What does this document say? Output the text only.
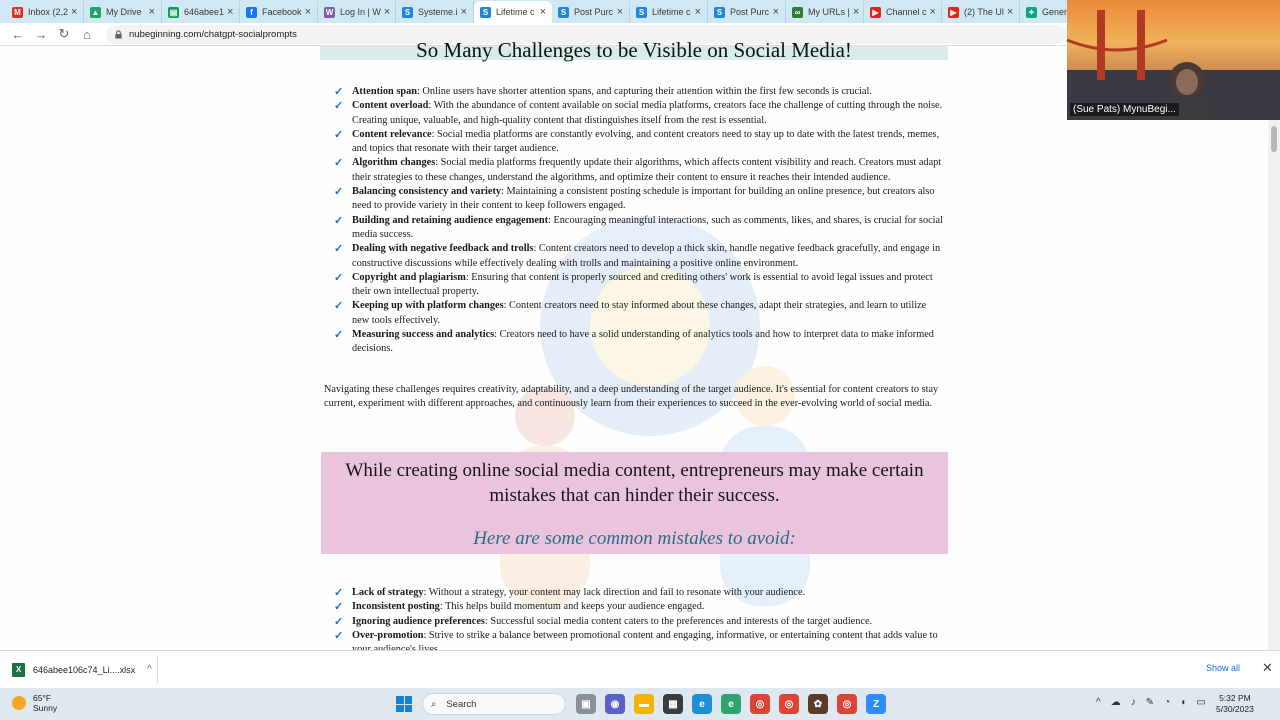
M Inbox (2,2 × ▲ My Drive × ▤ 646abee1 ×	f	Facebook × W Log In | W ×	S Systeme.i ×	S Lifetime c ×	S Post Purc ×	S Lifetime c ×	S Post Purc ×	∞ My URLs | ×	▶ Channel c ×	▶ (2) The Ul × ✦ Gener
← → ↻	⌂	nubeginning.com/chatgpt-socialprompts
So Many Challenges to be Visible on Social Media!
✓ Attention span: Online users have shorter attention spans, and capturing their attention within the first few seconds is crucial.
✓ Content overload: With the abundance of content available on social media platforms, creators face the challenge of cutting through the noise. Creating unique, valuable, and high-quality content that distinguishes itself from the rest is essential.
✓ Content relevance: Social media platforms are constantly evolving, and content creators need to stay up to date with the latest trends, memes, and topics that resonate with their target audience.
✓ Algorithm changes: Social media platforms frequently update their algorithms, which affects content visibility and reach. Creators must adapt their strategies to these changes, understand the algorithms, and optimize their content to ensure it reaches their intended audience.
✓ Balancing consistency and variety: Maintaining a consistent posting schedule is important for building an online presence, but creators also need to provide variety in their content to keep followers engaged.
✓ Building and retaining audience engagement: Encouraging meaningful interactions, such as comments, likes, and shares, is crucial for social media success.
✓ Dealing with negative feedback and trolls: Content creators need to develop a thick skin, handle negative feedback gracefully, and engage in constructive discussions while effectively dealing with trolls and maintaining a positive online environment.
✓ Copyright and plagiarism: Ensuring that content is properly sourced and crediting others' work is essential to avoid legal issues and protect their own intellectual property.
✓ Keeping up with platform changes: Content creators need to stay informed about these changes, adapt their strategies, and learn to utilize new tools effectively.
✓ Measuring success and analytics: Creators need to have a solid understanding of analytics tools and how to interpret data to make informed decisions.
Navigating these challenges requires creativity, adaptability, and a deep understanding of the target audience. It's essential for content creators to stay current, experiment with different approaches, and continuously learn from their experiences to succeed in the ever-evolving world of social media.
While creating online social media content, entrepreneurs may make certain mistakes that can hinder their success.
Here are some common mistakes to avoid:
✓ Lack of strategy: Without a strategy, your content may lack direction and fail to resonate with your audience.
✓ Inconsistent posting: This helps build momentum and keeps your audience engaged.
✓ Ignoring audience preferences: Successful social media content caters to the preferences and interests of the target audience.
✓ Over-promotion: Strive to strike a balance between promotional content and engaging, informative, or entertaining content that adds value to
(Sue Pats) MynuBegi...
X	646abee106c74_Li....xlsx ^	Show all ✕
65°F
Sunny	⌕ Search	▣	◉	▬	▦	e	e	◎	◎	✿	◎	Z	^ ☁ ♪ ✎ ◔ ◖ ▭	5:32 PM
5/30/2023
